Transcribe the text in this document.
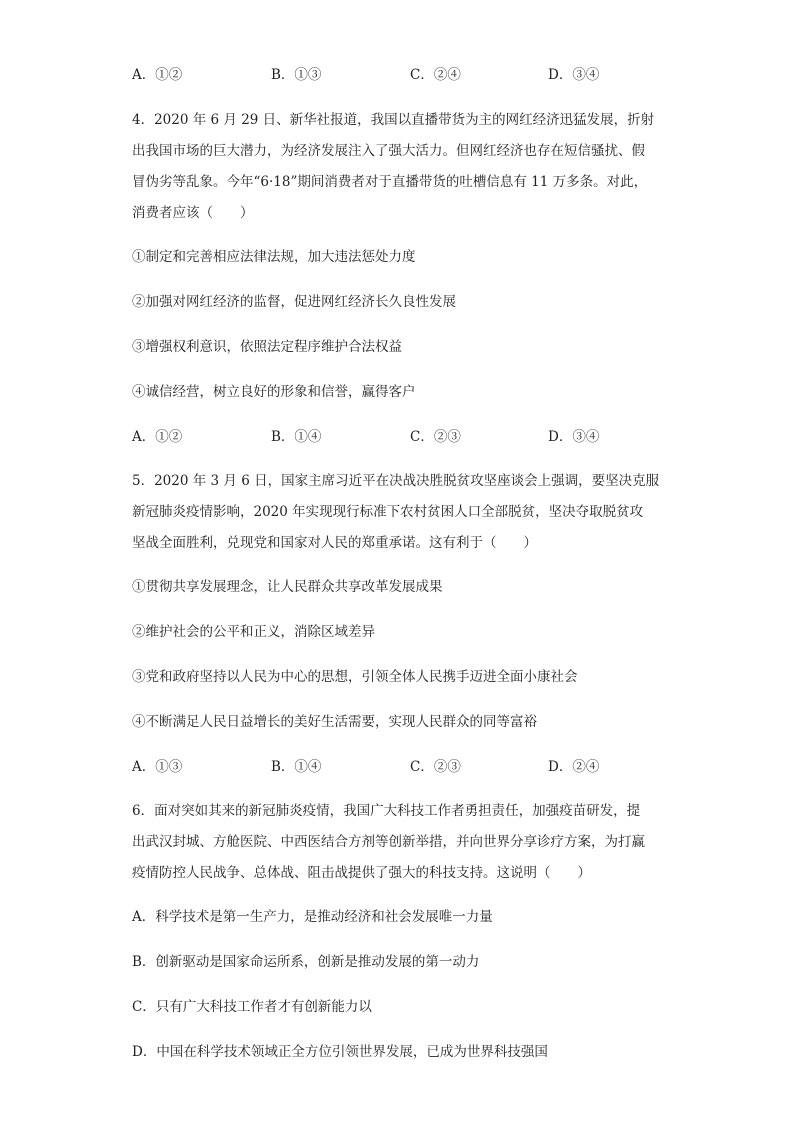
A．①②	B．①③	C．②④	D．③④
4．2020 年 6 月 29 日、新华社报道，我国以直播带货为主的网红经济迅猛发展，折射
出我国市场的巨大潜力，为经济发展注入了强大活力。但网红经济也存在短信骚扰、假
冒伪劣等乱象。今年“6·18”期间消费者对于直播带货的吐槽信息有 11 万多条。对此，
消费者应该（　　）
①制定和完善相应法律法规，加大违法惩处力度
②加强对网红经济的监督，促进网红经济长久良性发展
③增强权利意识，依照法定程序维护合法权益
④诚信经营，树立良好的形象和信誉，赢得客户
A．①②	B．①④	C．②③	D．③④
5．2020 年 3 月 6 日，国家主席习近平在决战决胜脱贫攻坚座谈会上强调，要坚决克服
新冠肺炎疫情影响，2020 年实现现行标准下农村贫困人口全部脱贫，坚决夺取脱贫攻
坚战全面胜利，兑现党和国家对人民的郑重承诺。这有利于（　　）
①贯彻共享发展理念，让人民群众共享改革发展成果
②维护社会的公平和正义，消除区域差异
③党和政府坚持以人民为中心的思想，引领全体人民携手迈进全面小康社会
④不断满足人民日益增长的美好生活需要，实现人民群众的同等富裕
A．①③	B．①④	C．②③	D．②④
6．面对突如其来的新冠肺炎疫情，我国广大科技工作者勇担责任，加强疫苗研发，提
出武汉封城、方舱医院、中西医结合方剂等创新举措，并向世界分享诊疗方案，为打赢
疫情防控人民战争、总体战、阻击战提供了强大的科技支持。这说明（　　）
A．科学技术是第一生产力，是推动经济和社会发展唯一力量
B．创新驱动是国家命运所系，创新是推动发展的第一动力
C．只有广大科技工作者才有创新能力以
D．中国在科学技术领域正全方位引领世界发展，已成为世界科技强国
